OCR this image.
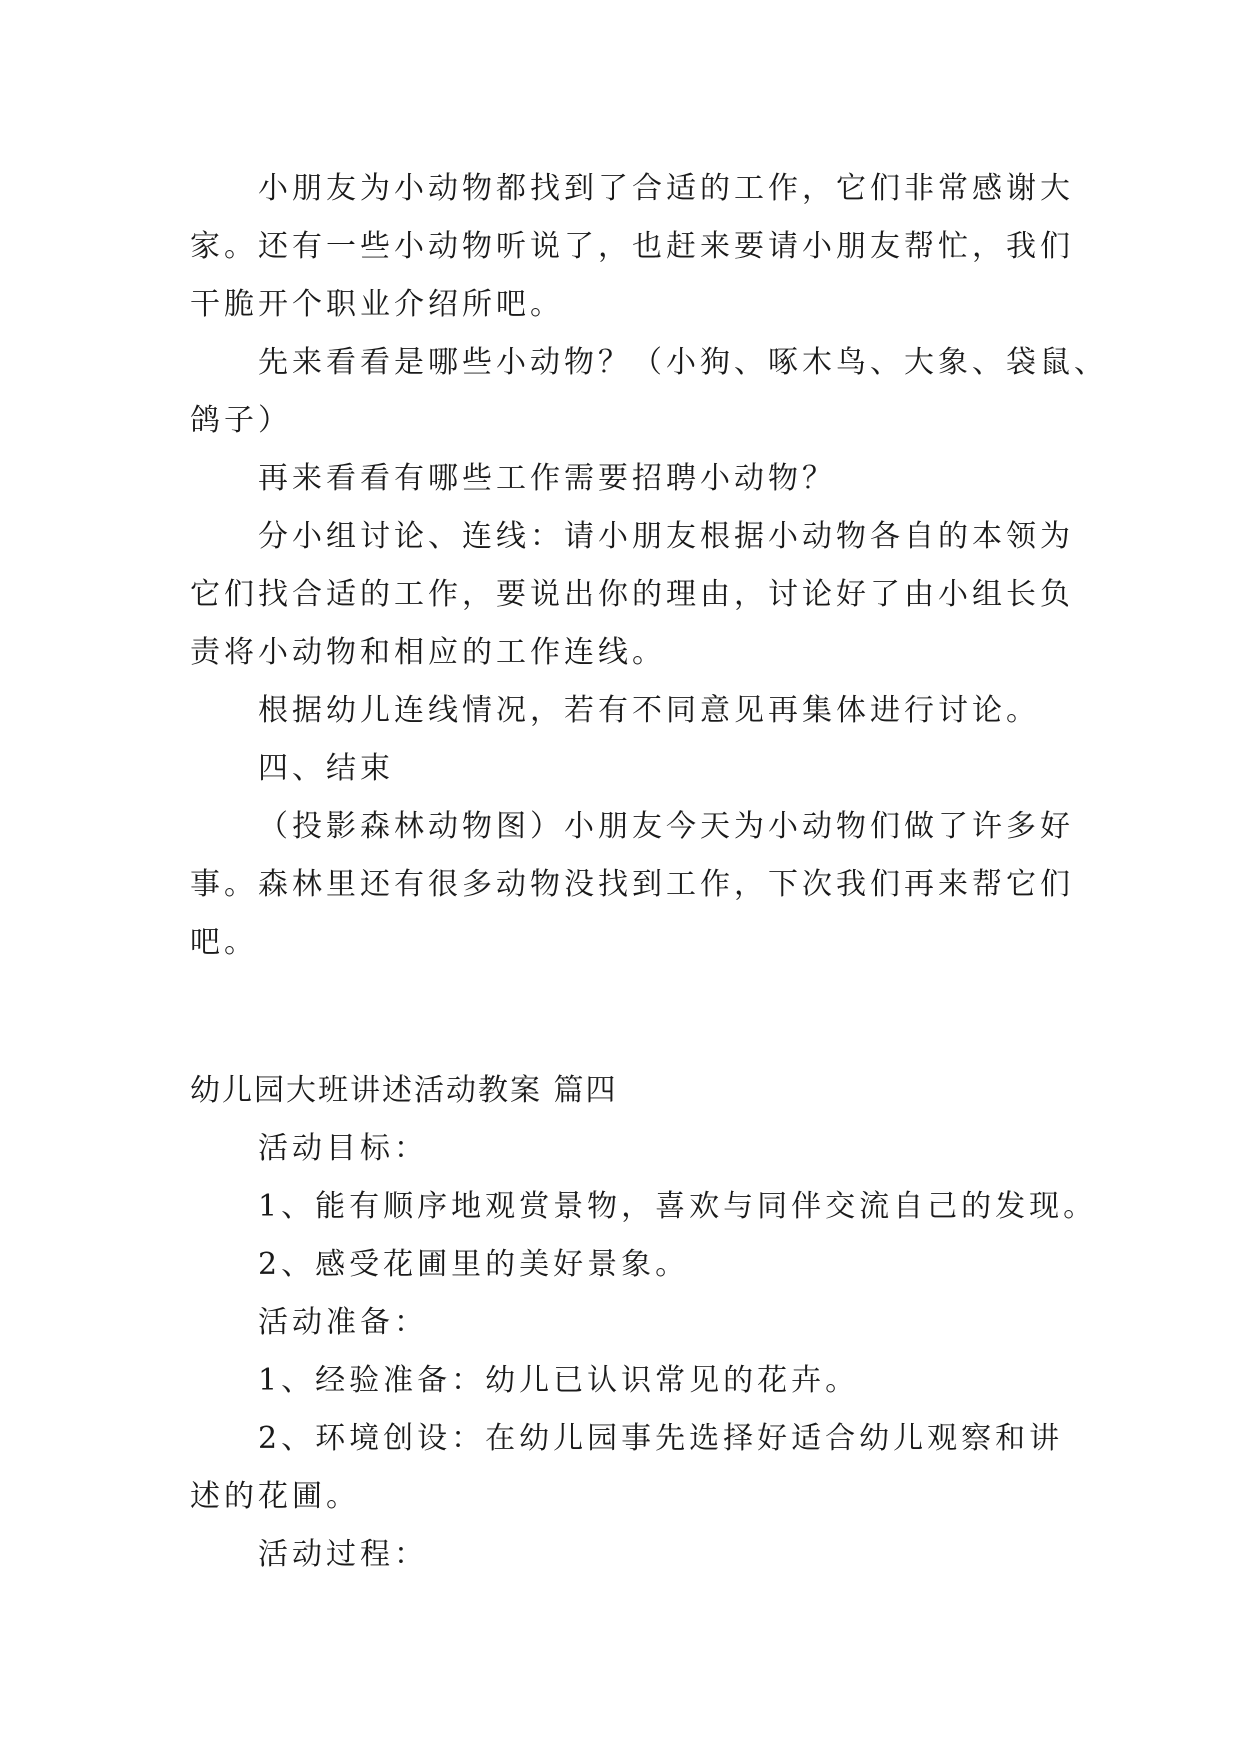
小朋友为小动物都找到了合适的工作，它们非常感谢大
家。还有一些小动物听说了，也赶来要请小朋友帮忙，我们
干脆开个职业介绍所吧。
先来看看是哪些小动物？（小狗、啄木鸟、大象、袋鼠、
鸽子）
再来看看有哪些工作需要招聘小动物？
分小组讨论、连线：请小朋友根据小动物各自的本领为
它们找合适的工作，要说出你的理由，讨论好了由小组长负
责将小动物和相应的工作连线。
根据幼儿连线情况，若有不同意见再集体进行讨论。
四、结束
（投影森林动物图）小朋友今天为小动物们做了许多好
事。森林里还有很多动物没找到工作，下次我们再来帮它们
吧。
幼儿园大班讲述活动教案 篇四
活动目标：
1、能有顺序地观赏景物，喜欢与同伴交流自己的发现。
2、感受花圃里的美好景象。
活动准备：
1、经验准备：幼儿已认识常见的花卉。
2、环境创设：在幼儿园事先选择好适合幼儿观察和讲
述的花圃。
活动过程：
